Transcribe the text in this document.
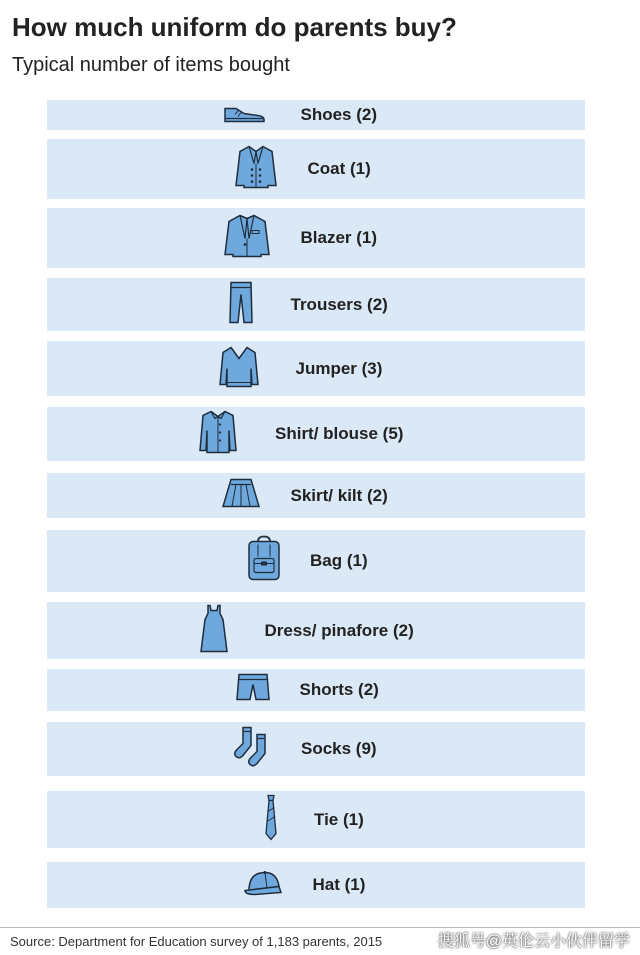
How much uniform do parents buy?
Typical number of items bought
Shoes (2)
Coat (1)
Blazer (1)
Trousers (2)
Jumper (3)
Shirt/ blouse (5)
Skirt/ kilt (2)
Bag (1)
Dress/ pinafore (2)
Shorts (2)
Socks (9)
Tie (1)
Hat (1)
Source: Department for Education survey of 1,183 parents, 2015	搜狐号@英伦云小伙伴留学
